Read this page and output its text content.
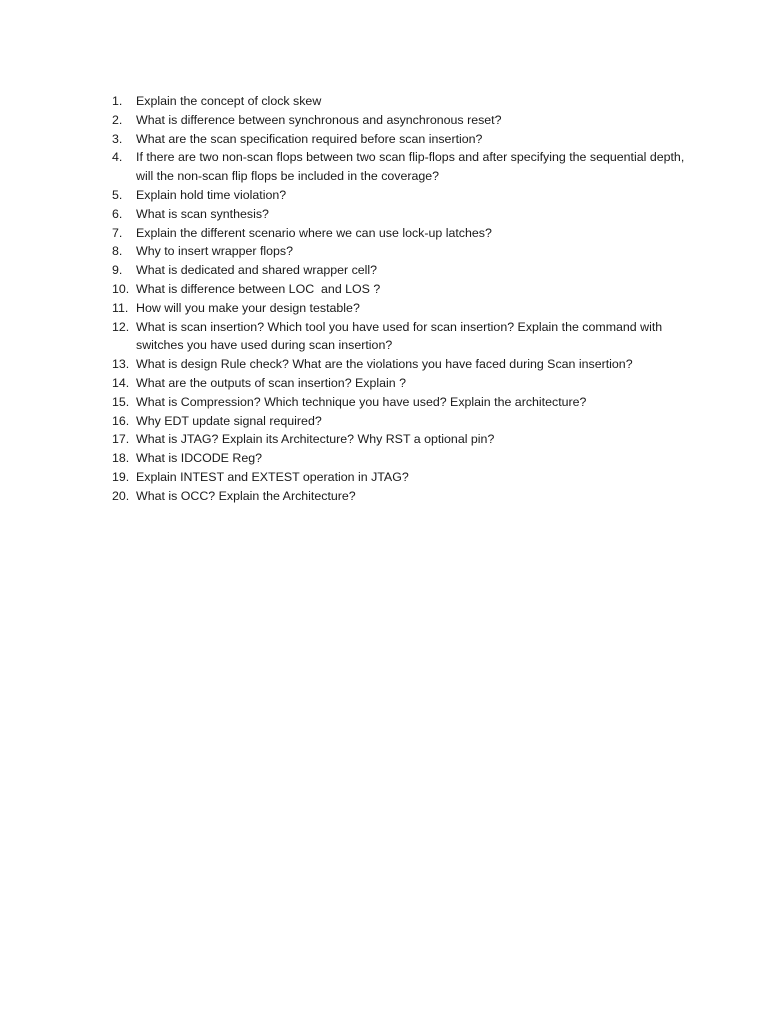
1.	Explain the concept of clock skew
2.	What is difference between synchronous and asynchronous reset?
3.	What are the scan specification required before scan insertion?
4.	If there are two non-scan flops between two scan flip-flops and after specifying the sequential depth, will the non-scan flip flops be included in the coverage?
5.	Explain hold time violation?
6.	What is scan synthesis?
7.	Explain the different scenario where we can use lock-up latches?
8.	Why to insert wrapper flops?
9.	What is dedicated and shared wrapper cell?
10. What is difference between LOC  and LOS ?
11. How will you make your design testable?
12. What is scan insertion? Which tool you have used for scan insertion? Explain the command with switches you have used during scan insertion?
13. What is design Rule check? What are the violations you have faced during Scan insertion?
14. What are the outputs of scan insertion? Explain ?
15. What is Compression? Which technique you have used? Explain the architecture?
16. Why EDT update signal required?
17. What is JTAG? Explain its Architecture? Why RST a optional pin?
18. What is IDCODE Reg?
19. Explain INTEST and EXTEST operation in JTAG?
20. What is OCC? Explain the Architecture?
